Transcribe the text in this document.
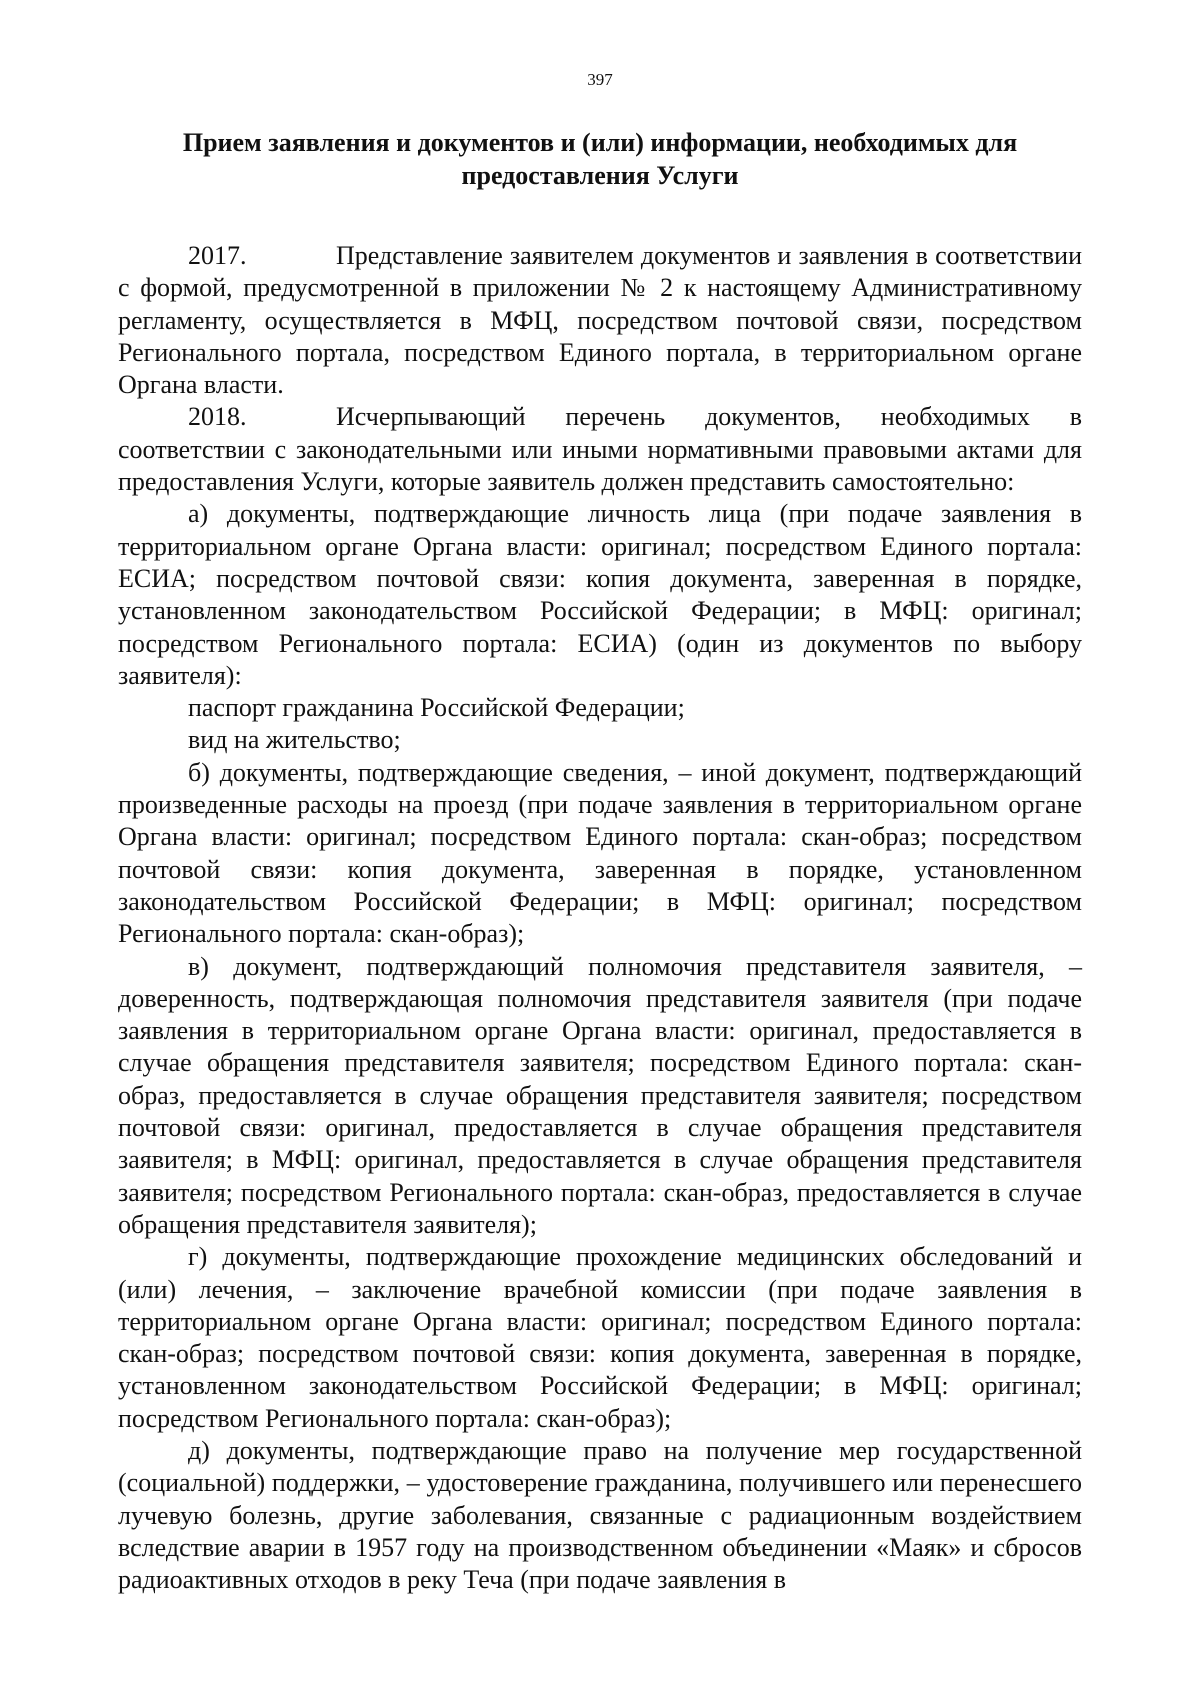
397
Прием заявления и документов и (или) информации, необходимых для
предоставления Услуги

2017.	Представление заявителем документов и заявления в соответствии с формой, предусмотренной в приложении № 2 к настоящему Административному регламенту, осуществляется в МФЦ, посредством почтовой связи, посредством Регионального портала, посредством Единого портала, в территориальном органе Органа власти.

2018.	Исчерпывающий перечень документов, необходимых в соответствии с законодательными или иными нормативными правовыми актами для предоставления Услуги, которые заявитель должен представить самостоятельно:

а) документы, подтверждающие личность лица (при подаче заявления в территориальном органе Органа власти: оригинал; посредством Единого портала: ЕСИА; посредством почтовой связи: копия документа, заверенная в порядке, установленном законодательством Российской Федерации; в МФЦ: оригинал; посредством Регионального портала: ЕСИА) (один из документов по выбору заявителя):

паспорт гражданина Российской Федерации;

вид на жительство;

б) документы, подтверждающие сведения, – иной документ, подтверждающий произведенные расходы на проезд (при подаче заявления в территориальном органе Органа власти: оригинал; посредством Единого портала: скан-образ; посредством почтовой связи: копия документа, заверенная в порядке, установленном законодательством Российской Федерации; в МФЦ: оригинал; посредством Регионального портала: скан-образ);

в) документ, подтверждающий полномочия представителя заявителя, – доверенность, подтверждающая полномочия представителя заявителя (при подаче заявления в территориальном органе Органа власти: оригинал, предоставляется в случае обращения представителя заявителя; посредством Единого портала: скан-образ, предоставляется в случае обращения представителя заявителя; посредством почтовой связи: оригинал, предоставляется в случае обращения представителя заявителя; в МФЦ: оригинал, предоставляется в случае обращения представителя заявителя; посредством Регионального портала: скан-образ, предоставляется в случае обращения представителя заявителя);

г) документы, подтверждающие прохождение медицинских обследований и (или) лечения, – заключение врачебной комиссии (при подаче заявления в территориальном органе Органа власти: оригинал; посредством Единого портала: скан-образ; посредством почтовой связи: копия документа, заверенная в порядке, установленном законодательством Российской Федерации; в МФЦ: оригинал; посредством Регионального портала: скан-образ);

д) документы, подтверждающие право на получение мер государственной (социальной) поддержки, – удостоверение гражданина, получившего или перенесшего лучевую болезнь, другие заболевания, связанные с радиационным воздействием вследствие аварии в 1957 году на производственном объединении «Маяк» и сбросов радиоактивных отходов в реку Теча (при подаче заявления в
